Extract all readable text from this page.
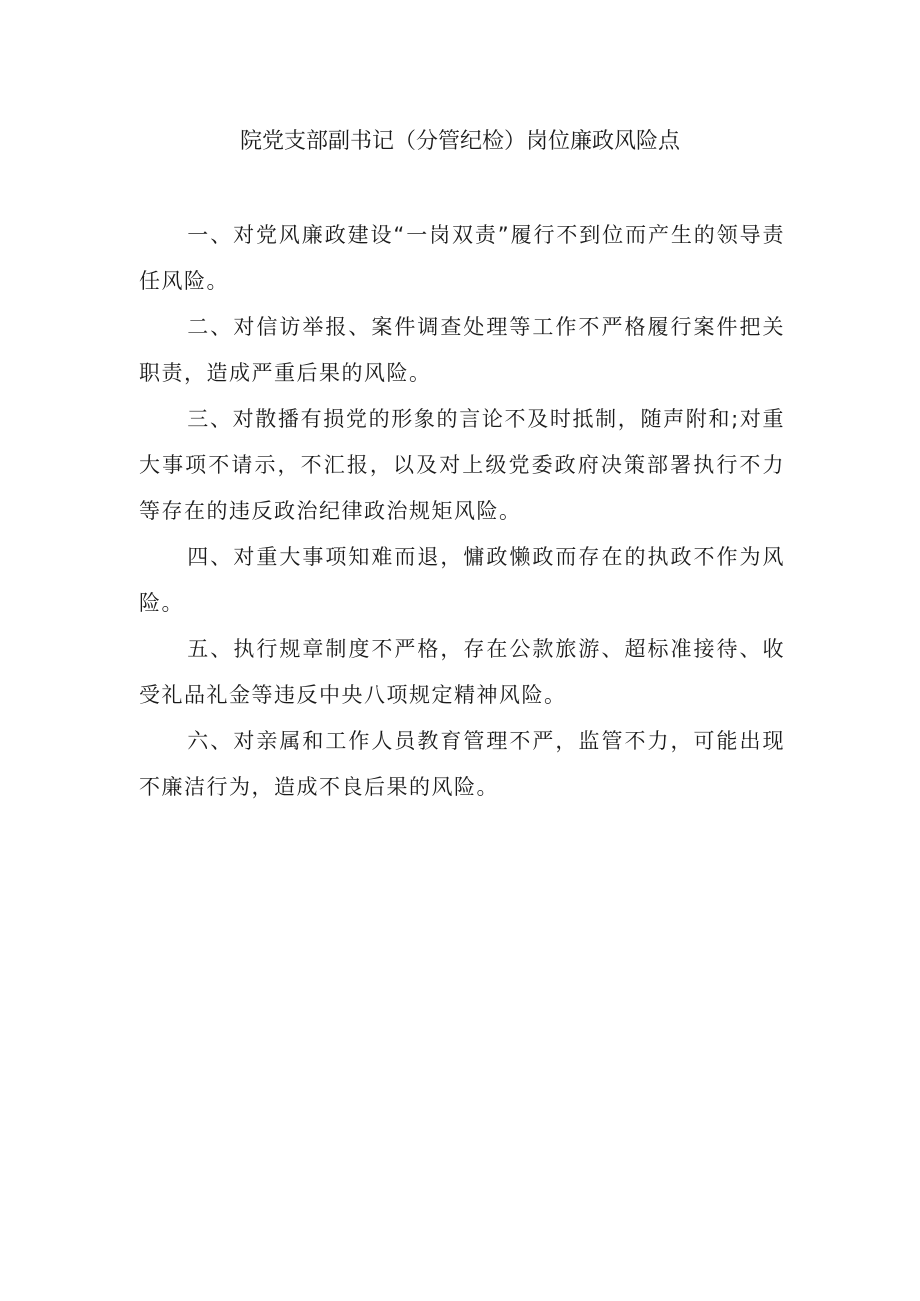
院党支部副书记（分管纪检）岗位廉政风险点

一、对党风廉政建设“一岗双责”履行不到位而产生的领导责任风险。

二、对信访举报、案件调查处理等工作不严格履行案件把关职责，造成严重后果的风险。

三、对散播有损党的形象的言论不及时抵制，随声附和;对重大事项不请示，不汇报，以及对上级党委政府决策部署执行不力等存在的违反政治纪律政治规矩风险。

四、对重大事项知难而退，慵政懒政而存在的执政不作为风险。

五、执行规章制度不严格，存在公款旅游、超标准接待、收受礼品礼金等违反中央八项规定精神风险。

六、对亲属和工作人员教育管理不严，监管不力，可能出现不廉洁行为，造成不良后果的风险。
